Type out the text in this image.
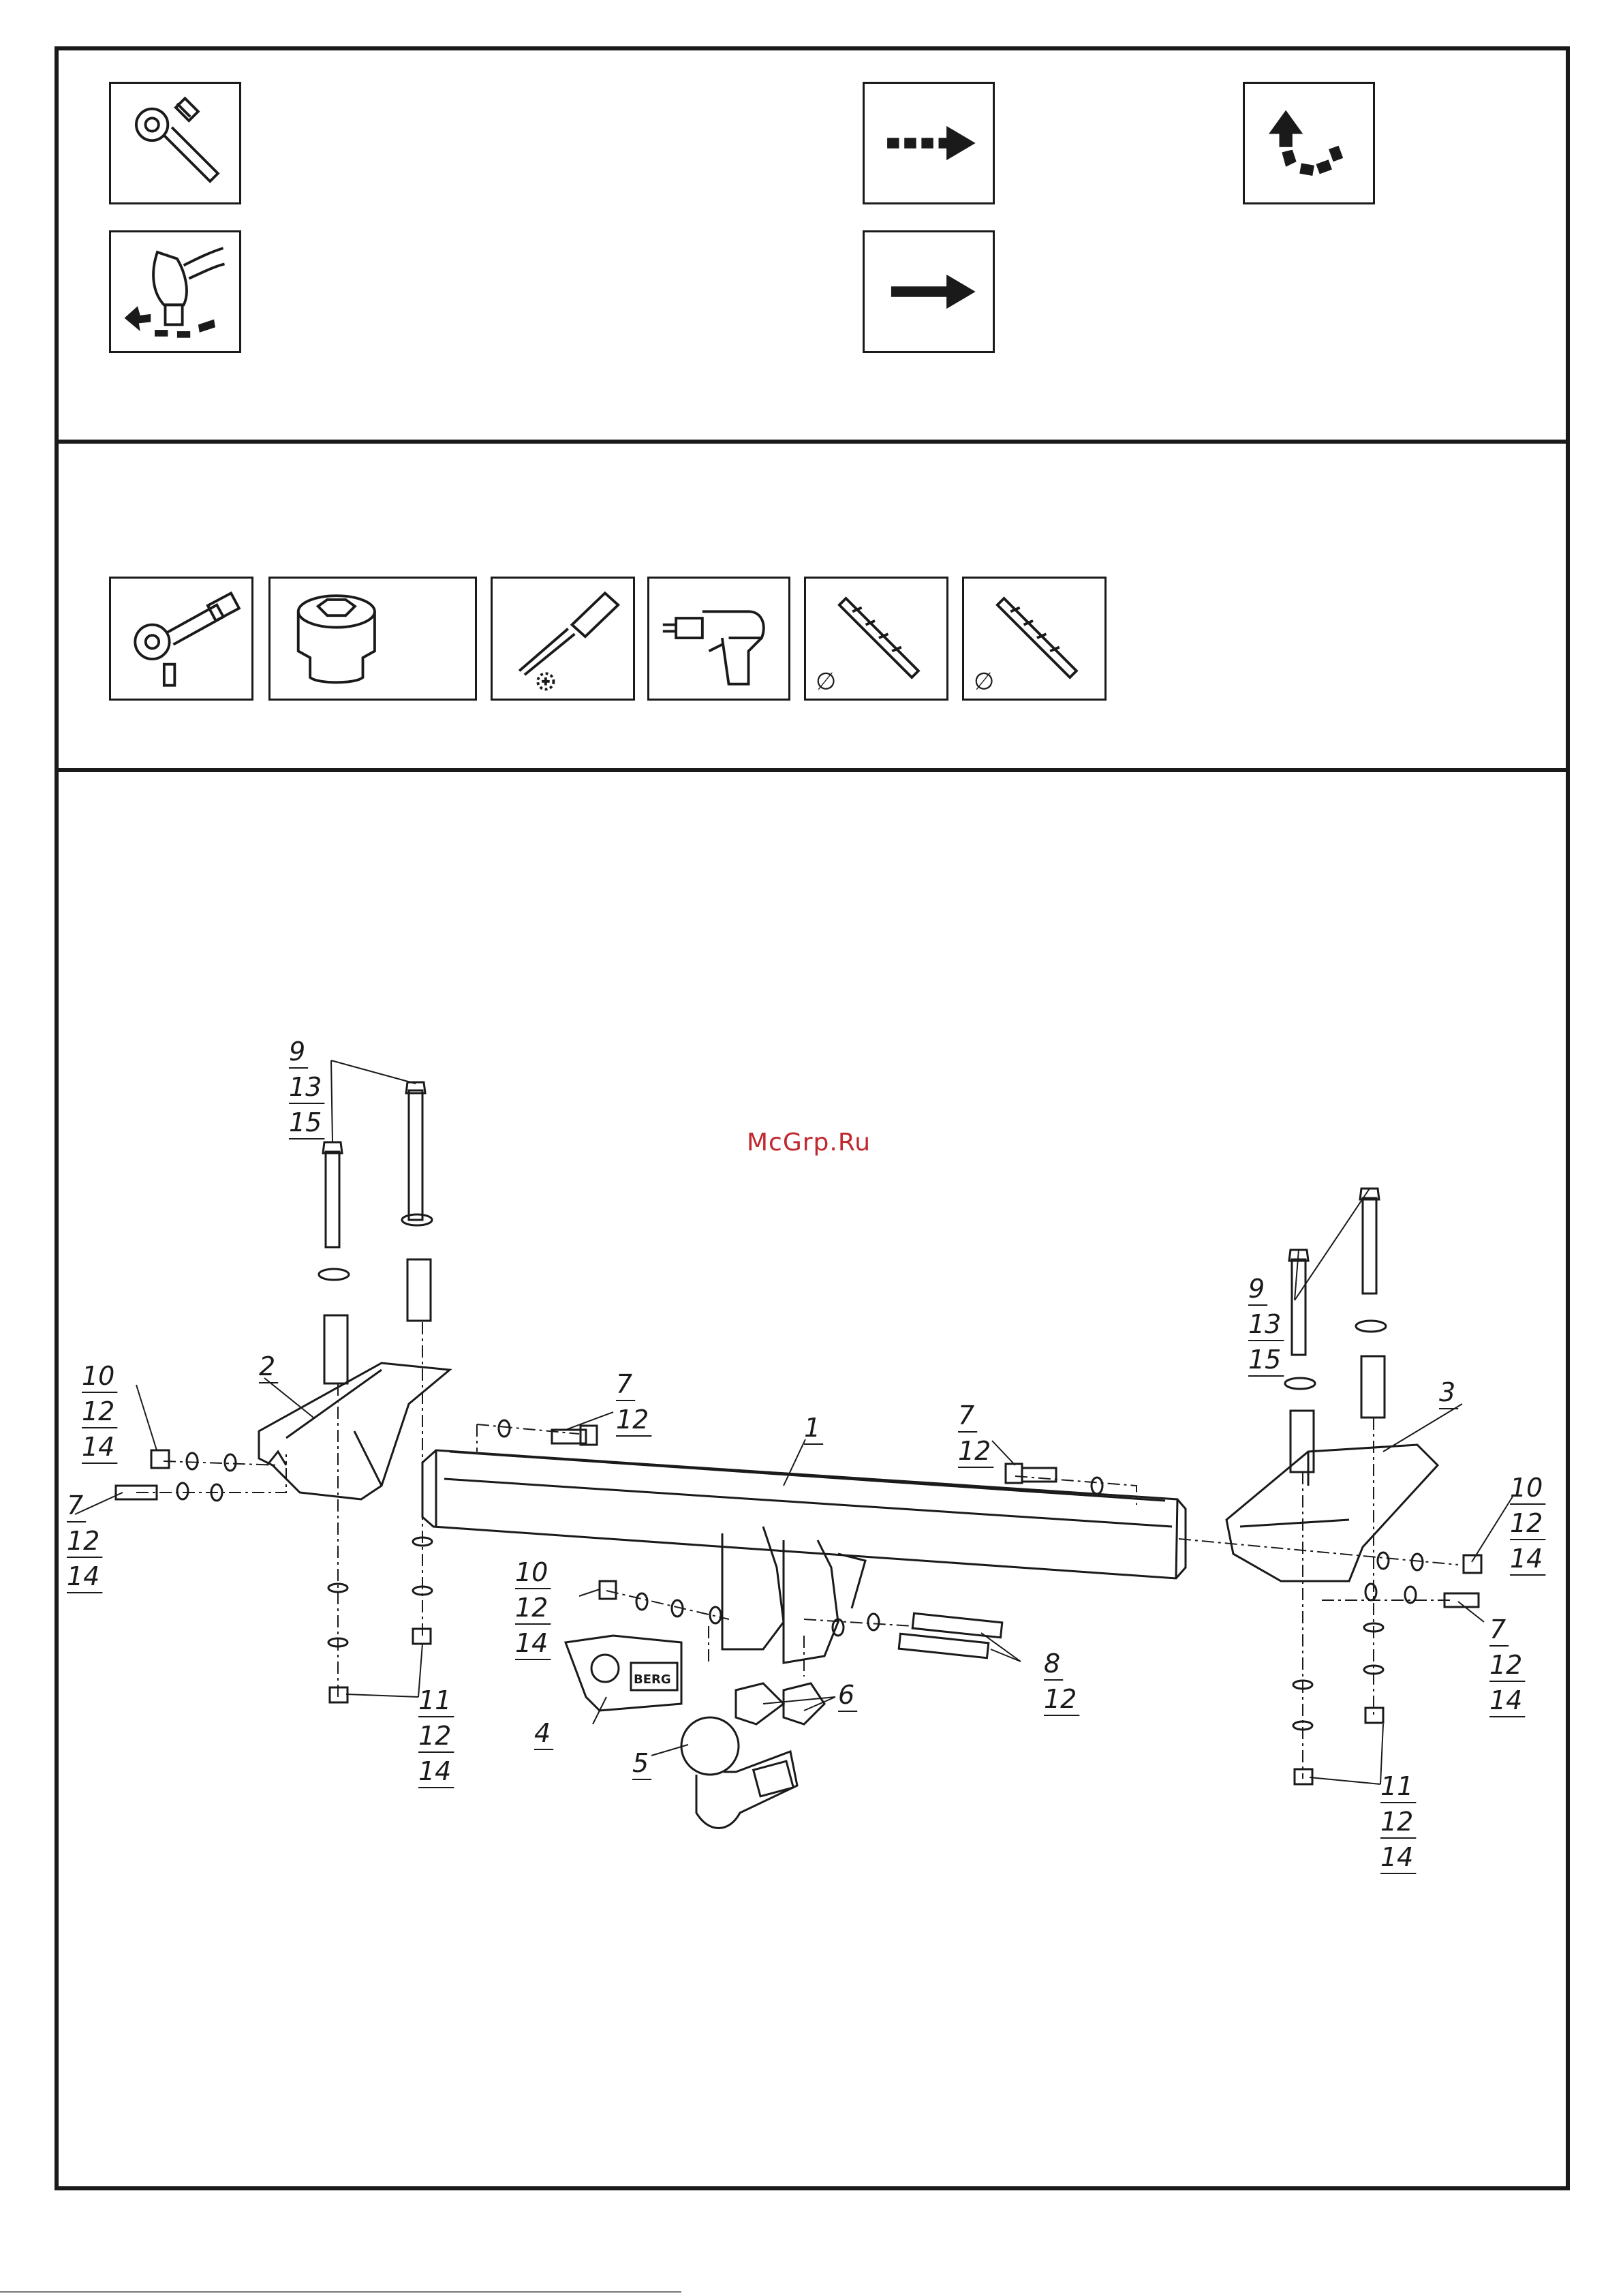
∅	∅
McGrp.Ru
1
2
3
4
5
6
9
13
15
9
13
15
10
12
14
7
12
14
7
12	7
12
10
12
14
8
12
11
12
14
10
12
14
7
12
14
11
12
14
BERG
